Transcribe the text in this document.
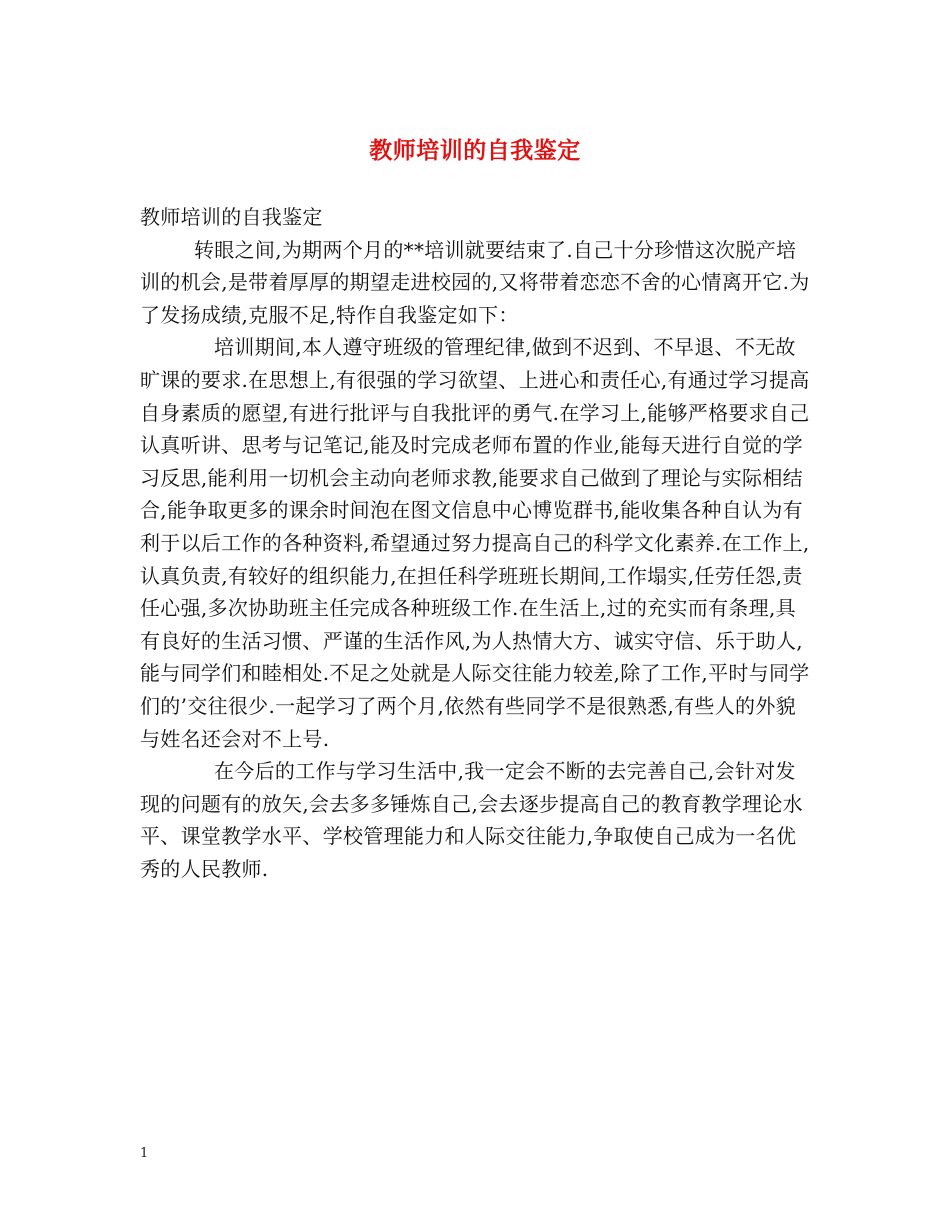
教师培训的自我鉴定

教师培训的自我鉴定

转眼之间,为期两个月的**培训就要结束了.自己十分珍惜这次脱产培训的机会,是带着厚厚的期望走进校园的,又将带着恋恋不舍的心情离开它.为了发扬成绩,克服不足,特作自我鉴定如下：

培训期间,本人遵守班级的管理纪律,做到不迟到、不早退、不无故旷课的要求.在思想上,有很强的学习欲望、上进心和责任心,有通过学习提高自身素质的愿望,有进行批评与自我批评的勇气.在学习上,能够严格要求自己认真听讲、思考与记笔记,能及时完成老师布置的作业,能每天进行自觉的学习反思,能利用一切机会主动向老师求教,能要求自己做到了理论与实际相结合,能争取更多的课余时间泡在图文信息中心博览群书,能收集各种自认为有利于以后工作的各种资料,希望通过努力提高自己的科学文化素养.在工作上,认真负责,有较好的组织能力,在担任科学班班长期间,工作塌实,任劳任怨,责任心强,多次协助班主任完成各种班级工作.在生活上,过的充实而有条理,具有良好的生活习惯、严谨的生活作风,为人热情大方、诚实守信、乐于助人,能与同学们和睦相处.不足之处就是人际交往能力较差,除了工作,平时与同学们的’交往很少.一起学习了两个月,依然有些同学不是很熟悉,有些人的外貌与姓名还会对不上号.

在今后的工作与学习生活中,我一定会不断的去完善自己,会针对发现的问题有的放矢,会去多多锤炼自己,会去逐步提高自己的教育教学理论水平、课堂教学水平、学校管理能力和人际交往能力,争取使自己成为一名优秀的人民教师.

1
